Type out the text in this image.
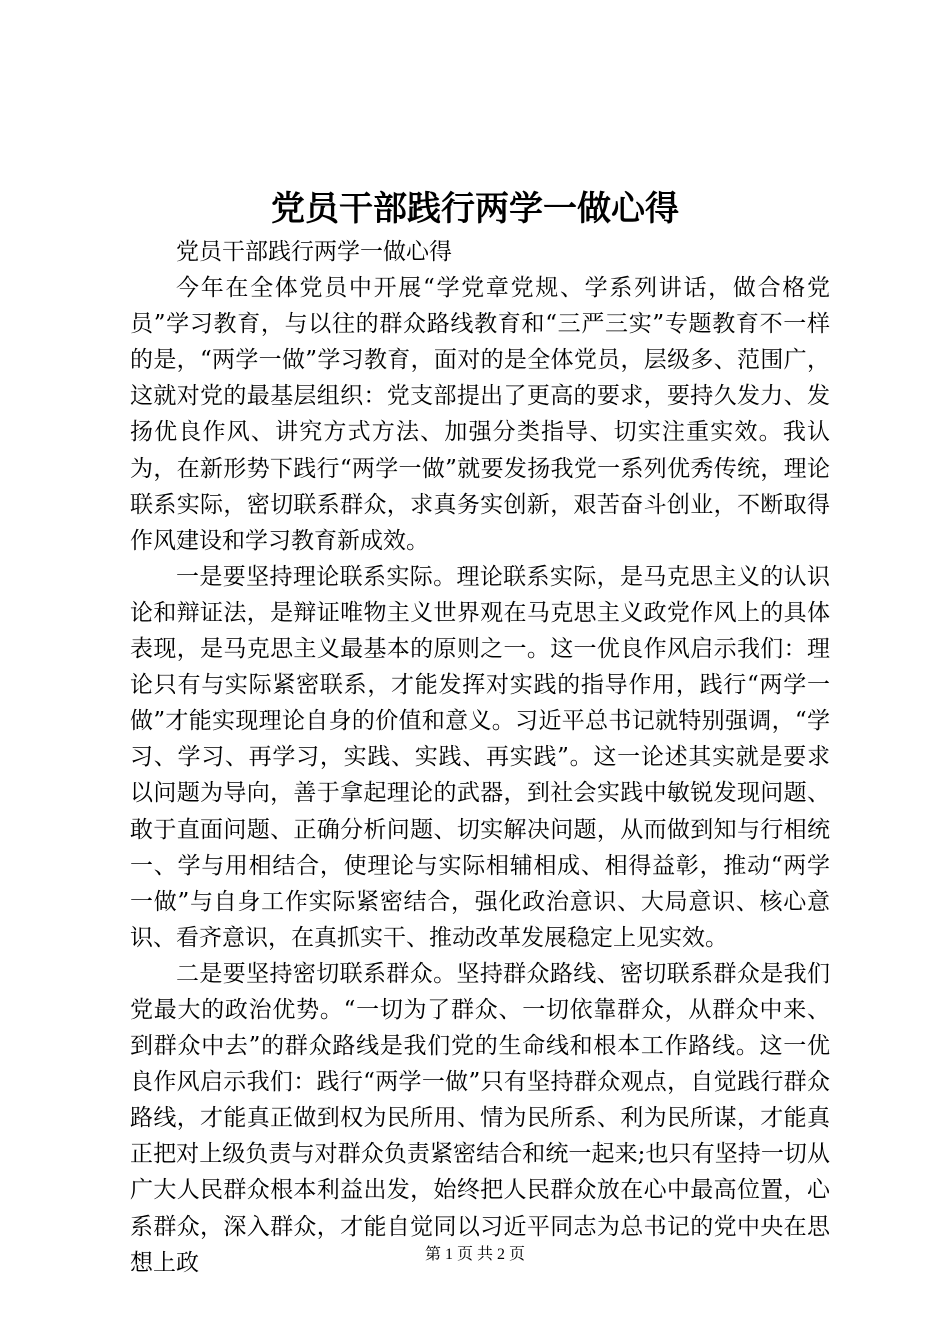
党员干部践行两学一做心得

党员干部践行两学一做心得

今年在全体党员中开展“学党章党规、学系列讲话，做合格党员”学习教育，与以往的群众路线教育和“三严三实”专题教育不一样的是，“两学一做”学习教育，面对的是全体党员，层级多、范围广，这就对党的最基层组织：党支部提出了更高的要求，要持久发力、发扬优良作风、讲究方式方法、加强分类指导、切实注重实效。我认为，在新形势下践行“两学一做”就要发扬我党一系列优秀传统，理论联系实际，密切联系群众，求真务实创新，艰苦奋斗创业，不断取得作风建设和学习教育新成效。

一是要坚持理论联系实际。理论联系实际，是马克思主义的认识论和辩证法，是辩证唯物主义世界观在马克思主义政党作风上的具体表现，是马克思主义最基本的原则之一。这一优良作风启示我们：理论只有与实际紧密联系，才能发挥对实践的指导作用，践行“两学一做”才能实现理论自身的价值和意义。习近平总书记就特别强调，“学习、学习、再学习，实践、实践、再实践”。这一论述其实就是要求以问题为导向，善于拿起理论的武器，到社会实践中敏锐发现问题、敢于直面问题、正确分析问题、切实解决问题，从而做到知与行相统一、学与用相结合，使理论与实际相辅相成、相得益彰，推动“两学一做”与自身工作实际紧密结合，强化政治意识、大局意识、核心意识、看齐意识，在真抓实干、推动改革发展稳定上见实效。

二是要坚持密切联系群众。坚持群众路线、密切联系群众是我们党最大的政治优势。“一切为了群众、一切依靠群众，从群众中来、到群众中去”的群众路线是我们党的生命线和根本工作路线。这一优良作风启示我们：践行“两学一做”只有坚持群众观点，自觉践行群众路线，才能真正做到权为民所用、情为民所系、利为民所谋，才能真正把对上级负责与对群众负责紧密结合和统一起来;也只有坚持一切从广大人民群众根本利益出发，始终把人民群众放在心中最高位置，心系群众，深入群众，才能自觉同以习近平同志为总书记的党中央在思想上政	第 1 页 共 2 页
